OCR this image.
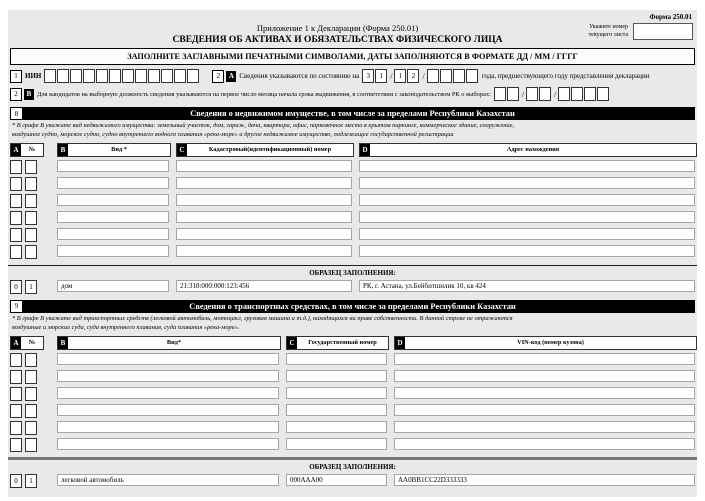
Форма 250.01
Приложение 1 к Декларации (Форма 250.01)
СВЕДЕНИЯ ОБ АКТИВАХ И ОБЯЗАТЕЛЬСТВАХ ФИЗИЧЕСКОГО ЛИЦА
Укажите номер текущего листа
ЗАПОЛНИТЕ ЗАГЛАВНЫМИ ПЕЧАТНЫМИ СИМВОЛАМИ, ДАТЫ ЗАПОЛНЯЮТСЯ В ФОРМАТЕ ДД / ММ / ГГГГ
1	ИИН	2	А Сведения указываются по состоянию на	3	1 / 1	2 /	года, предшествующего году представления декларации
2	В Для кандидатов на выборную должность сведения указываются на первое число месяца начала срока выдвижения, в соответствии с законодательством РК о выборах:	/	/
8	Сведения о недвижимом имуществе, в том числе за пределами Республики Казахстан
* В графе В укажите вид недвижимого имущества: земельный участок, дом, гараж, дача, квартира, офис, парковочное место в крытом паркинге, коммерческое здание, сооружение,
воздушное судно, морское судно, судно внутреннего водного плавания «река-море» и другое недвижимое имущество, подлежащее государственной регистрации
А	№	В	Вид *	С	Кадастровый(идентификационный) номер	D	Адрес нахождения
ОБРАЗЕЦ ЗАПОЛНЕНИЯ:
0	1	дом	21:318:000:000:123:456	РК, г. Астана, ул.Бейбитшилик 10, кв 424
9	Сведения о транспортных средствах, в том числе за пределами Республики Казахстан
* В графе В укажите вид транспортных средств (легковой автомобиль, мотоцикл, грузовая машина и т.д.), находящихся на праве собственности. В данной строке не отражаются
воздушные и морские суда, суда внутреннего плавания, суда плавания «река-море».
А	№	В	Вид*	С	Государственный номер	D	VIN-код (номер кузова)
ОБРАЗЕЦ ЗАПОЛНЕНИЯ:
0	1	легковой автомобиль	000AAA00	AA0BB1CC22D333333
